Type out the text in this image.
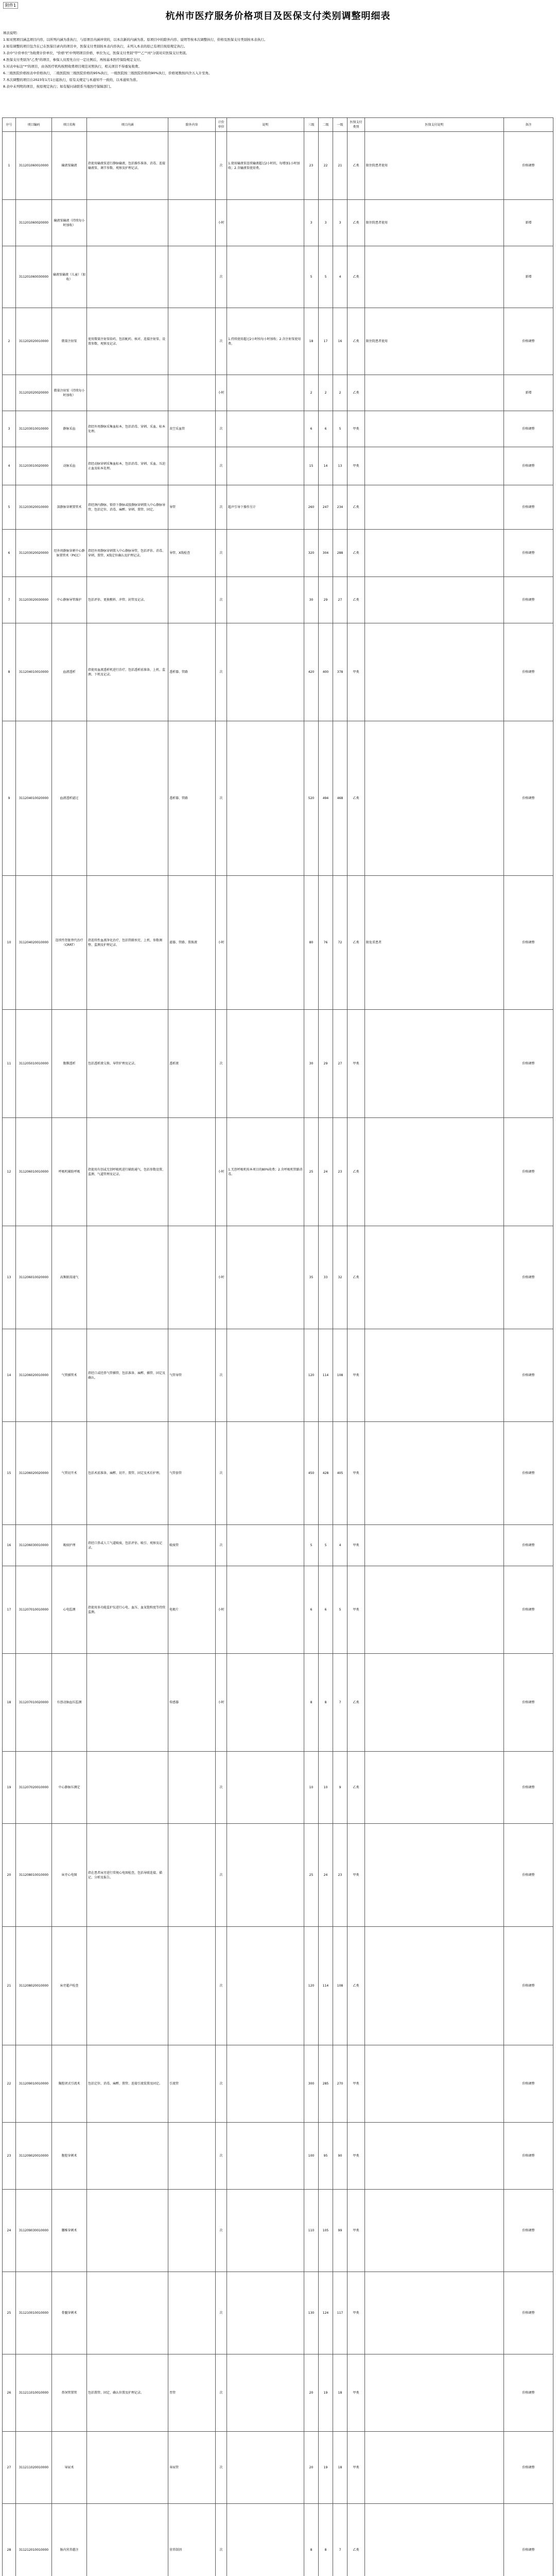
附件1
杭州市医疗服务价格项目及医保支付类别调整明细表
填表说明：
1.如对照项目涵盖项目内容，以所列内涵为准执行，与原项目内涵冲突的，以本次新的内涵为准。原项目中的除外内容、说明等按本次调整执行，价格及医保支付类别按本表执行。
2.如有调整的项目包含在已在医保目录内的项目中，医保支付类别按本表内容执行，未列入本表的原已有项目按原规定执行。
3.表中"计价单位"为收费计价单位，"价格"栏中列明项目价格，单位为元，医保支付类别"甲""乙""丙"分别对应医保支付类别。
4.医保支付类别为"乙类"的项目，参保人员需先自付一定比例后，再按基本医疗保险规定支付。
5.对表中标注"*"的项目，由各医疗机构按照收费项目规范对照执行，相关项目不得重复收费。
6.三级医院价格按表中价格执行，二级医院按三级医院价格的95%执行，一级医院按三级医院价格的90%执行，价格尾数按四舍五入计至角。
7.本次调整的项目自2023年1月1日起执行，原有关规定与本通知不一致的，以本通知为准。
8.表中未列明的项目，按原规定执行；如有疑问请联系当地医疗保障部门。
序号	项目编码	项目名称	项目内涵	除外内容	计价单位	说明	三级	二级	一级	医保支付类别	医保支付说明	备注
1	311201060010000	输液泵输液	指使用输液泵进行静脉输液，包括操作准备、消毒、连接输液泵、调节参数、观察及护理记录。		次	1.使用输液泵连续输液超过2小时的，每增加1小时加收；2.含输液泵使用费。	23	22	21	乙类	限住院患者使用	价格调整
	311201060020000	输液泵输液（持续每小时加收）			小时		3	3	3	乙类	限住院患者使用	新增
	311201060030000	输液泵输液（儿童）（加收）			次		5	5	4	乙类		新增
2	311202020010000	微量注射泵	使用微量注射泵给药，包括配药、核对、连接注射泵、设置参数、观察及记录。		次	1.持续使用超过2小时按每小时加收；2.含注射泵使用费。	18	17	16	乙类	限住院患者使用	价格调整
	311202020020000	微量注射泵（持续每小时加收）			小时		2	2	2	乙类		新增
3	311203010010000	静脉采血	指经外周静脉采集血标本，包括消毒、穿刺、采血、标本处理。	真空采血管	次		6	6	5	甲类		价格调整
4	311203010020000	动脉采血	指经动脉穿刺采集血标本，包括消毒、穿刺、采血、压迫止血及标本处理。		次		15	14	13	甲类		价格调整
5	311203020010000	深静脉穿刺置管术	指经颈内静脉、锁骨下静脉或股静脉穿刺置入中心静脉导管，包括定位、消毒、麻醉、穿刺、置管、固定。	导管	次	超声引导下操作另计	260	247	234	乙类		价格调整
6	311203020020000	经外周静脉穿刺中心静脉置管术（PICC）	指经外周静脉穿刺置入中心静脉导管，包括评估、消毒、穿刺、置管、X线定位确认及护理记录。	导管、X线检查	次		320	304	288	乙类		价格调整
7	311203020030000	中心静脉导管维护	包括评估、更换敷料、冲管、封管及记录。		次		30	29	27	乙类		价格调整
8	311204010010000	血液透析	指使用血液透析机进行治疗，包括透析前准备、上机、监测、下机及记录。	透析器、管路	次		420	400	378	甲类		价格调整
9	311204010020000	血液透析滤过		透析器、管路	次		520	494	468	乙类		价格调整
10	311204020010000	连续性肾脏替代治疗（CRRT）	指连续性血液净化治疗，包括管路预充、上机、参数调整、监测及护理记录。	滤器、管路、置换液	小时		80	76	72	乙类	限危重患者	价格调整
11	311205010010000	腹膜透析	包括透析液交换、导管护理及记录。	透析液	次		30	29	27	甲类		价格调整
12	311206010010000	呼吸机辅助呼吸	指使用有创或无创呼吸机进行辅助通气，包括参数设置、监测、气道管理及记录。		小时	1.无创呼吸机按本项目的80%收费；2.含呼吸机管路消毒。	25	24	23	乙类		价格调整
13	311206010020000	高频振荡通气			小时		35	33	32	乙类		价格调整
14	311206020010000	气管插管术	指经口或经鼻气管插管，包括准备、麻醉、插管、固定及确认。	气管导管	次		120	114	108	甲类		价格调整
15	311206020020000	气管切开术	包括术前准备、麻醉、切开、置管、固定及术后护理。	气管套管	次		450	428	405	甲类		价格调整
16	311206030010000	吸痰护理	指经口鼻或人工气道吸痰，包括评估、吸引、观察及记录。	吸痰管	次		5	5	4	甲类		价格调整
17	311207010010000	心电监测	指使用多功能监护仪进行心电、血压、血氧饱和度等持续监测。	电极片	小时		6	6	5	甲类		价格调整
18	311207010020000	有创动脉血压监测		传感器	小时		8	8	7	乙类		价格调整
19	311207020010000	中心静脉压测定			次		10	10	9	乙类		价格调整
20	311208010010000	床旁心电图	指在患者床旁进行常规心电图检查，包括导联连接、描记、分析及报告。		次		25	24	23	甲类		价格调整
21	311208020010000	床旁超声检查			次		120	114	108	乙类		价格调整
22	311209010010000	胸腔闭式引流术	包括定位、消毒、麻醉、置管、连接引流装置及固定。	引流管	次		300	285	270	甲类		价格调整
23	311209020010000	腹腔穿刺术			次		100	95	90	甲类		价格调整
24	311209030010000	腰椎穿刺术			次		110	105	99	甲类		价格调整
25	311210010010000	骨髓穿刺术			次		130	124	117	甲类		价格调整
26	311211010010000	鼻饲管置管	包括置管、固定、确认位置及护理记录。	胃管	次		20	19	18	甲类		价格调整
27	311211020010000	导尿术		导尿管	次		20	19	18	甲类		价格调整
28	311212010010000	肠内营养灌注		营养制剂	次		8	8	7	乙类		价格调整
